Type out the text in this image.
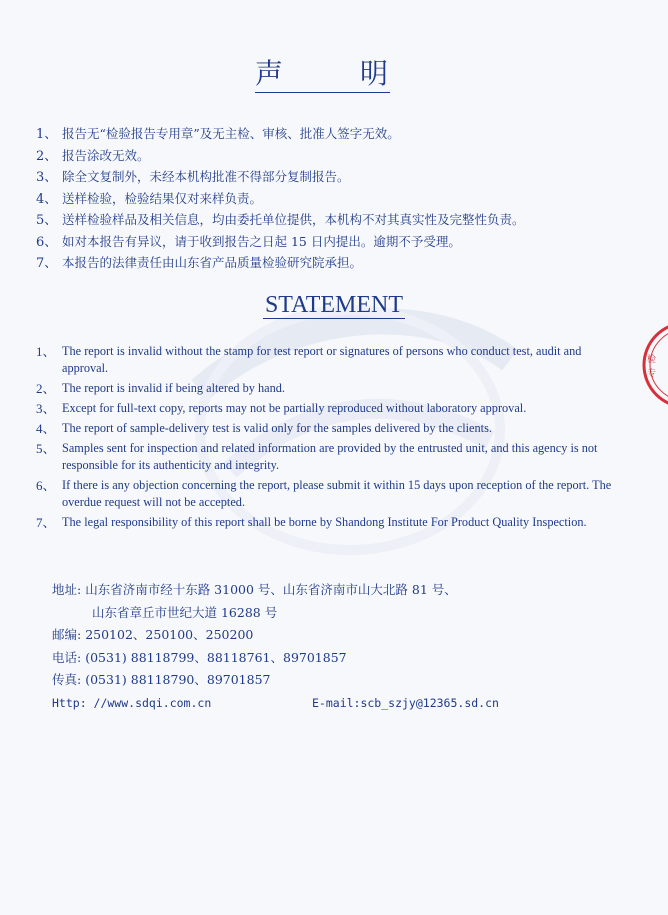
检
专
声	明
1、 报告无“检验报告专用章”及无主检、审核、批准人签字无效。
2、 报告涂改无效。
3、 除全文复制外，未经本机构批准不得部分复制报告。
4、 送样检验，检验结果仅对来样负责。
5、 送样检验样品及相关信息，均由委托单位提供，本机构不对其真实性及完整性负责。
6、 如对本报告有异议，请于收到报告之日起 15 日内提出。逾期不予受理。
7、 本报告的法律责任由山东省产品质量检验研究院承担。
STATEMENT
1、 The report is invalid without the stamp for test report or signatures of persons who conduct test, audit and approval.
2、 The report is invalid if being altered by hand.
3、 Except for full-text copy, reports may not be partially reproduced without laboratory approval.
4、 The report of sample-delivery test is valid only for the samples delivered by the clients.
5、 Samples sent for inspection and related information are provided by the entrusted unit, and this agency is not responsible for its authenticity and integrity.
6、 If there is any objection concerning the report, please submit it within 15 days upon reception of the report. The overdue request will not be accepted.
7、 The legal responsibility of this report shall be borne by Shandong Institute For Product Quality Inspection.
地址: 山东省济南市经十东路 31000 号、山东省济南市山大北路 81 号、
山东省章丘市世纪大道 16288 号
邮编: 250102、250100、250200
电话: (0531) 88118799、88118761、89701857
传真: (0531) 88118790、89701857
Http: //www.sdqi.com.cn	E-mail:scb_szjy@12365.sd.cn
